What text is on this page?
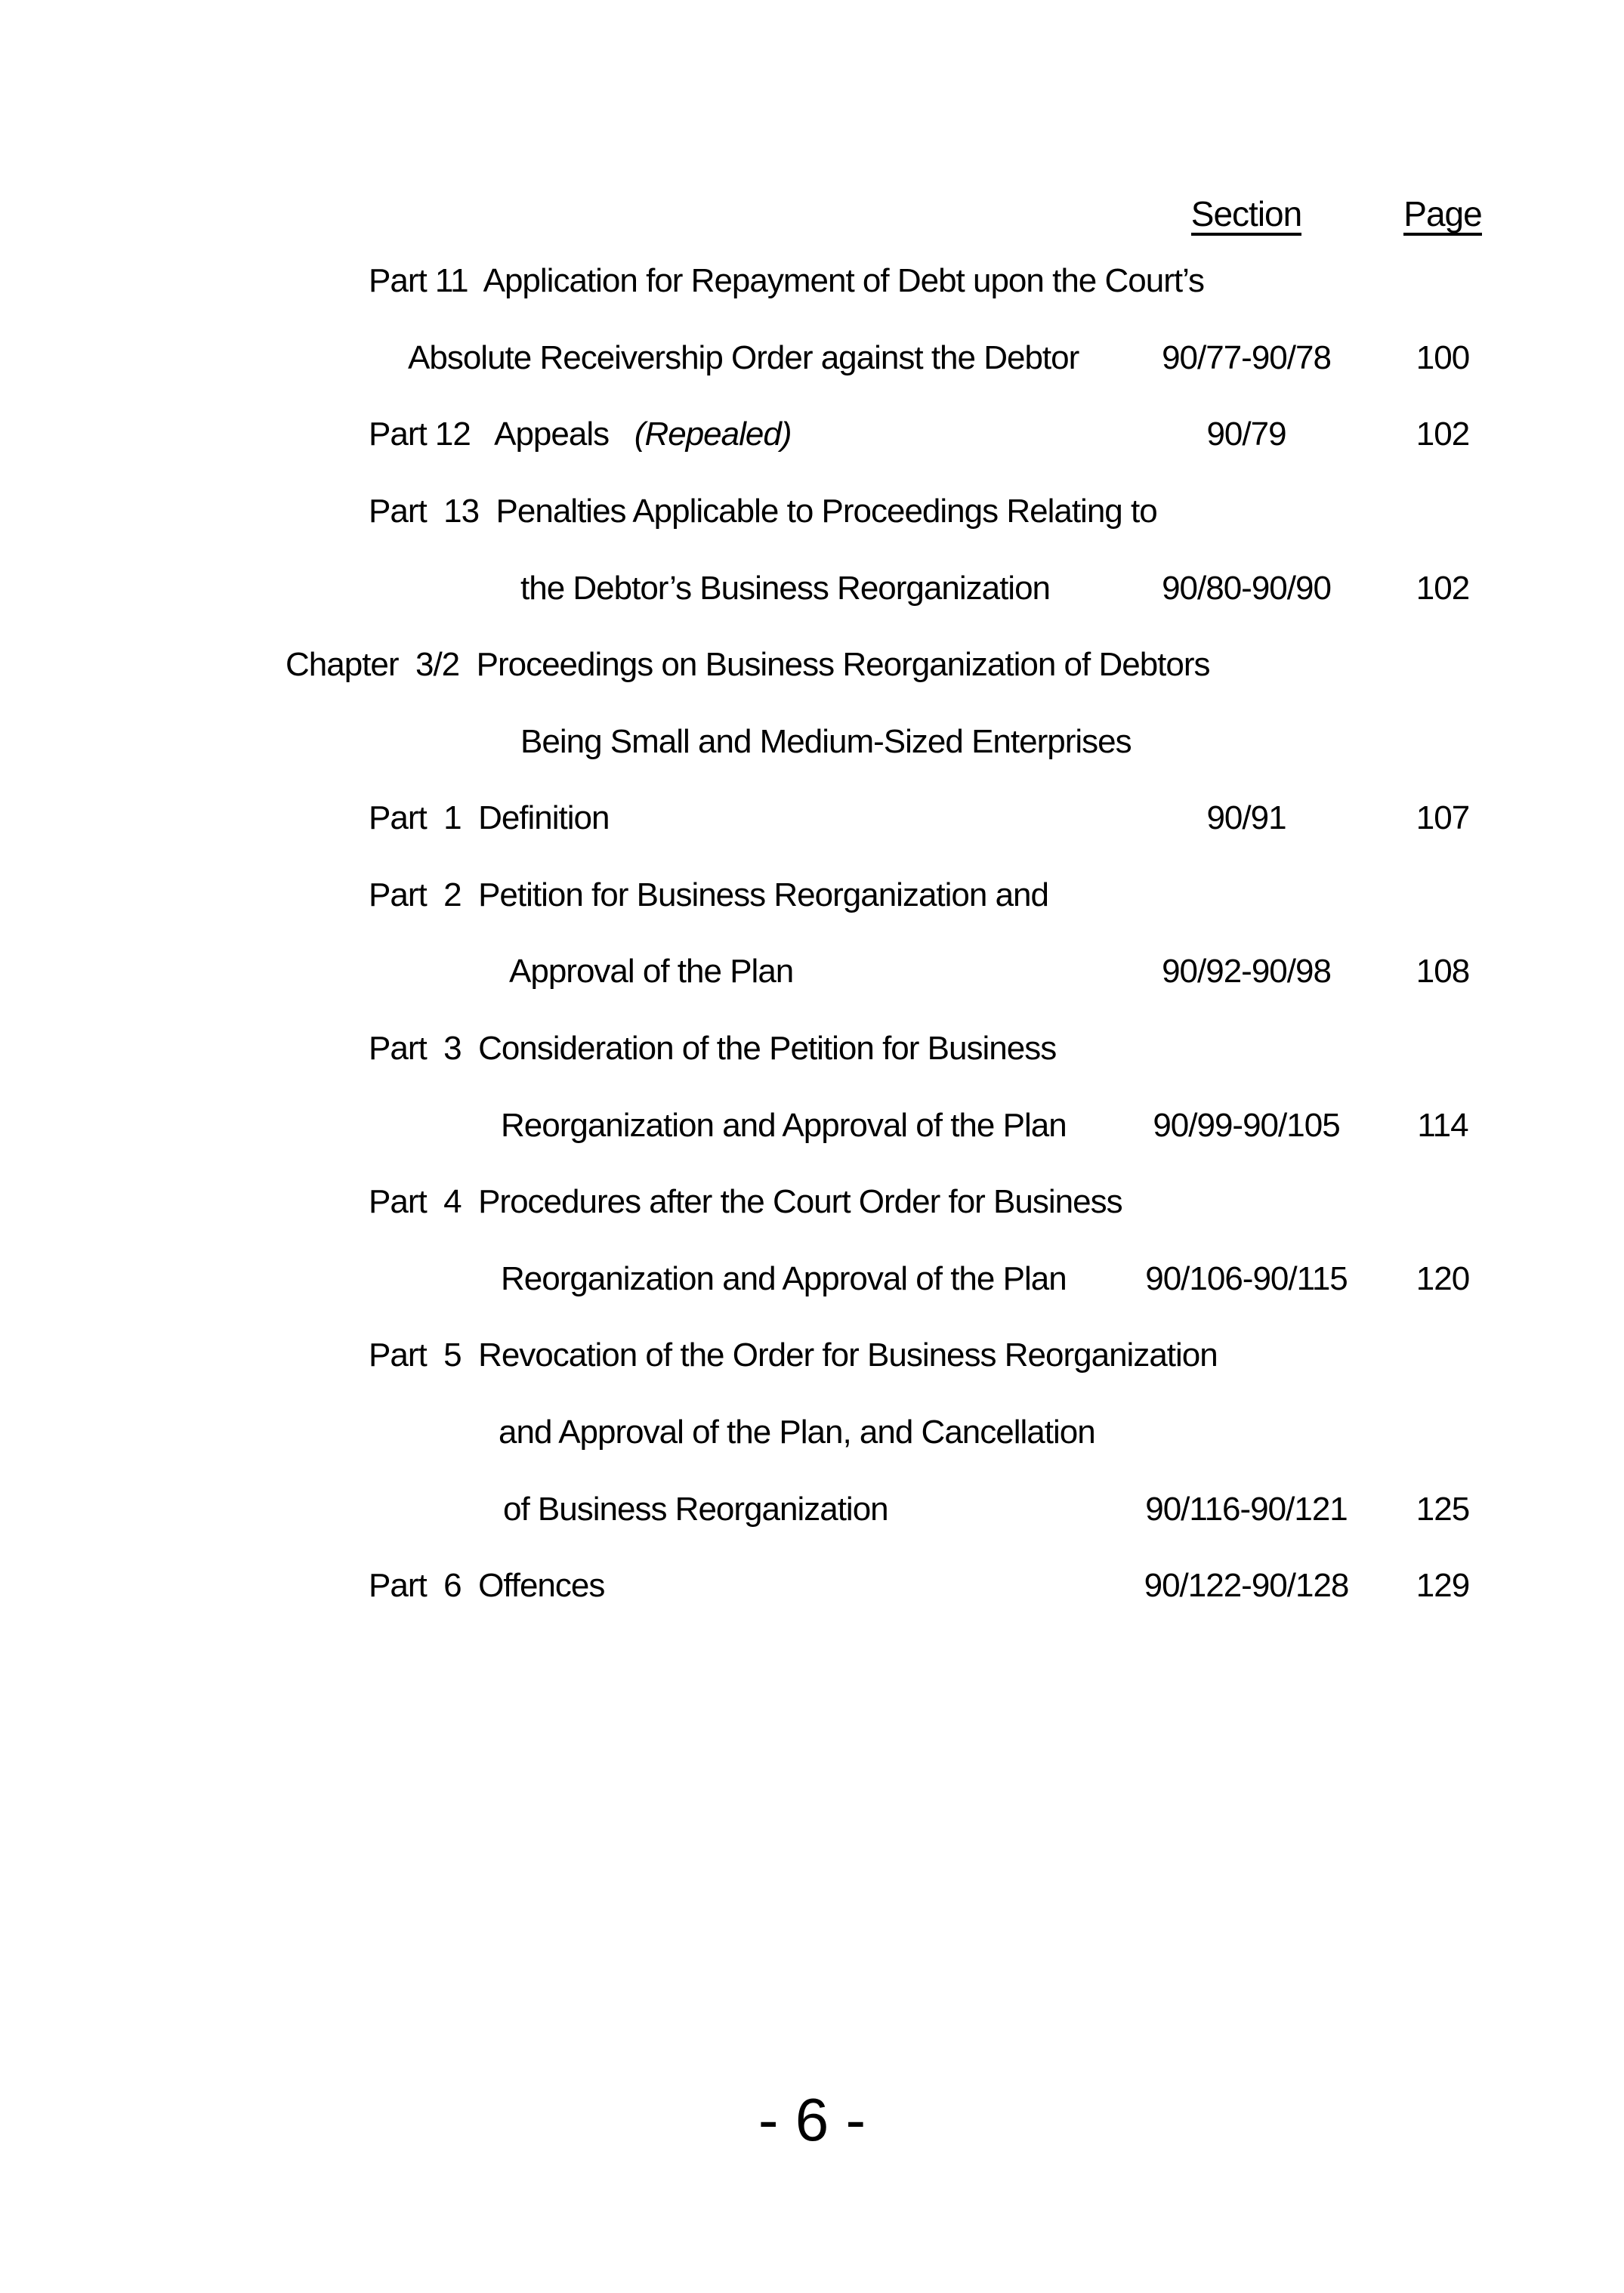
Section	Page
Part 11  Application for Repayment of Debt upon the Court’s
Absolute Receivership Order against the Debtor	90/77-90/78	100
Part 12   Appeals   (Repealed)	90/79	102
Part  13  Penalties Applicable to Proceedings Relating to
the Debtor’s Business Reorganization	90/80-90/90	102
Chapter  3/2  Proceedings on Business Reorganization of Debtors
Being Small and Medium-Sized Enterprises
Part  1  Definition	90/91	107
Part  2  Petition for Business Reorganization and
Approval of the Plan	90/92-90/98	108
Part  3  Consideration of the Petition for Business
Reorganization and Approval of the Plan	90/99-90/105	114
Part  4  Procedures after the Court Order for Business
Reorganization and Approval of the Plan	90/106-90/115	120
Part  5  Revocation of the Order for Business Reorganization
and Approval of the Plan, and Cancellation
of Business Reorganization	90/116-90/121	125
Part  6  Offences	90/122-90/128	129
- 6 -
